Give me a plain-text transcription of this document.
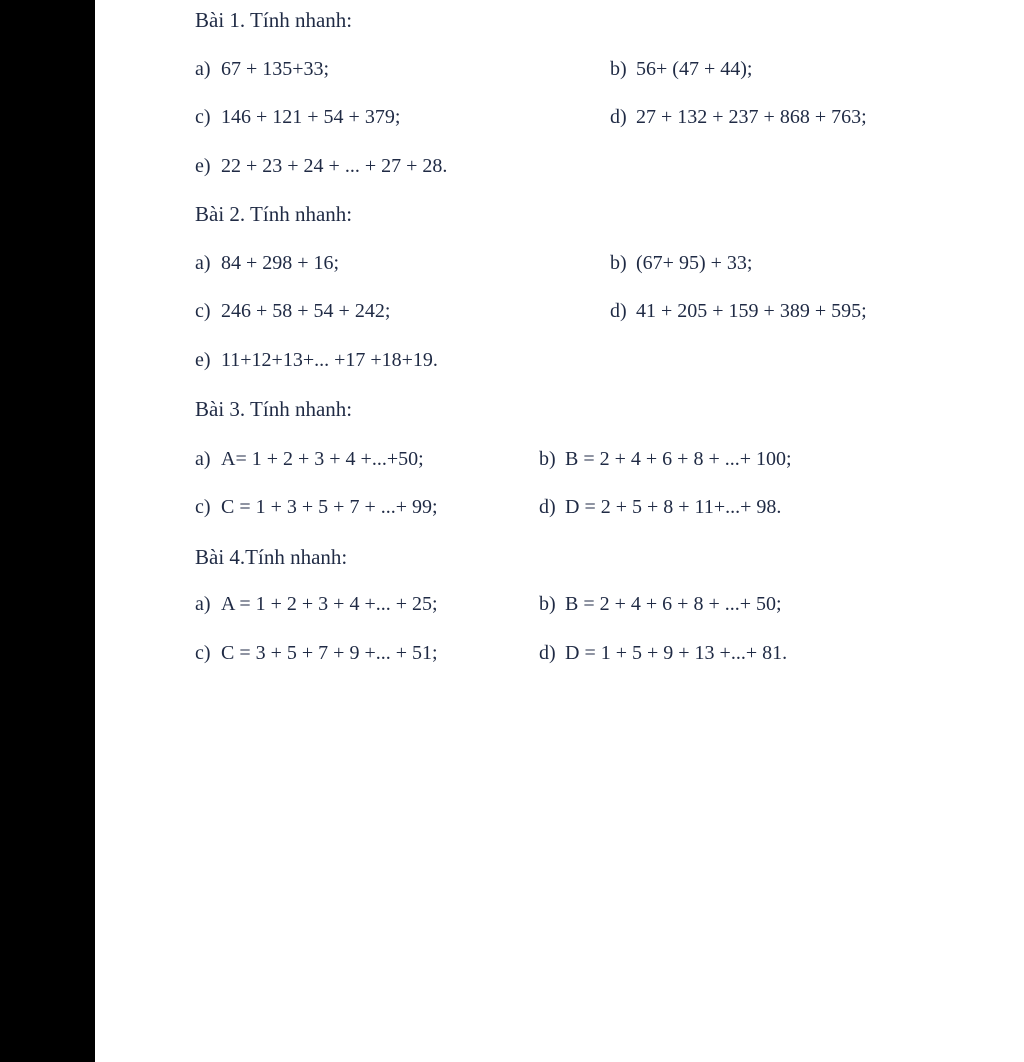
Bài 1. Tính nhanh:
a) 67 + 135+33;	b) 56+ (47 + 44);
c) 146 + 121 + 54 + 379;	d) 27 + 132 + 237 + 868 + 763;
e) 22 + 23 + 24 + ... + 27 + 28.
Bài 2. Tính nhanh:
a) 84 + 298 + 16;	b) (67+ 95) + 33;
c) 246 + 58 + 54 + 242;	d) 41 + 205 + 159 + 389 + 595;
e) 11+12+13+... +17 +18+19.
Bài 3. Tính nhanh:
a) A= 1 + 2 + 3 + 4 +...+50;	b) B = 2 + 4 + 6 + 8 + ...+ 100;
c) C = 1 + 3 + 5 + 7 + ...+ 99;	d) D = 2 + 5 + 8 + 11+...+ 98.
Bài 4.Tính nhanh:
a) A = 1 + 2 + 3 + 4 +... + 25;	b) B = 2 + 4 + 6 + 8 + ...+ 50;
c) C = 3 + 5 + 7 + 9 +... + 51;	d) D = 1 + 5 + 9 + 13 +...+ 81.
